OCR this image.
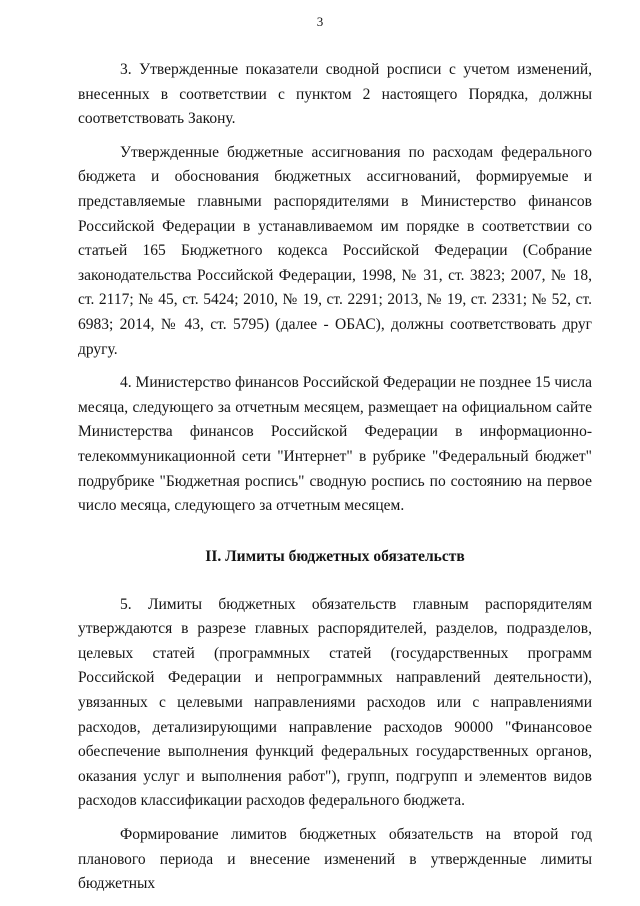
3

3. Утвержденные показатели сводной росписи с учетом изменений, внесенных в соответствии с пунктом 2 настоящего Порядка, должны соответствовать Закону.

Утвержденные бюджетные ассигнования по расходам федерального бюджета и обоснования бюджетных ассигнований, формируемые и представляемые главными распорядителями в Министерство финансов Российской Федерации в устанавливаемом им порядке в соответствии со статьей 165 Бюджетного кодекса Российской Федерации (Собрание законодательства Российской Федерации, 1998, № 31, ст. 3823; 2007, № 18, ст. 2117; № 45, ст. 5424; 2010, № 19, ст. 2291; 2013, № 19, ст. 2331; № 52, ст. 6983; 2014, № 43, ст. 5795) (далее - ОБАС), должны соответствовать друг другу.

4. Министерство финансов Российской Федерации не позднее 15 числа месяца, следующего за отчетным месяцем, размещает на официальном сайте Министерства финансов Российской Федерации в информационно-телекоммуникационной сети "Интернет" в рубрике "Федеральный бюджет" подрубрике "Бюджетная роспись" сводную роспись по состоянию на первое число месяца, следующего за отчетным месяцем.

II. Лимиты бюджетных обязательств

5. Лимиты бюджетных обязательств главным распорядителям утверждаются в разрезе главных распорядителей, разделов, подразделов, целевых статей (программных статей (государственных программ Российской Федерации и непрограммных направлений деятельности), увязанных с целевыми направлениями расходов или с направлениями расходов, детализирующими направление расходов 90000 "Финансовое обеспечение выполнения функций федеральных государственных органов, оказания услуг и выполнения работ"), групп, подгрупп и элементов видов расходов классификации расходов федерального бюджета.

Формирование лимитов бюджетных обязательств на второй год планового периода и внесение изменений в утвержденные лимиты бюджетных
